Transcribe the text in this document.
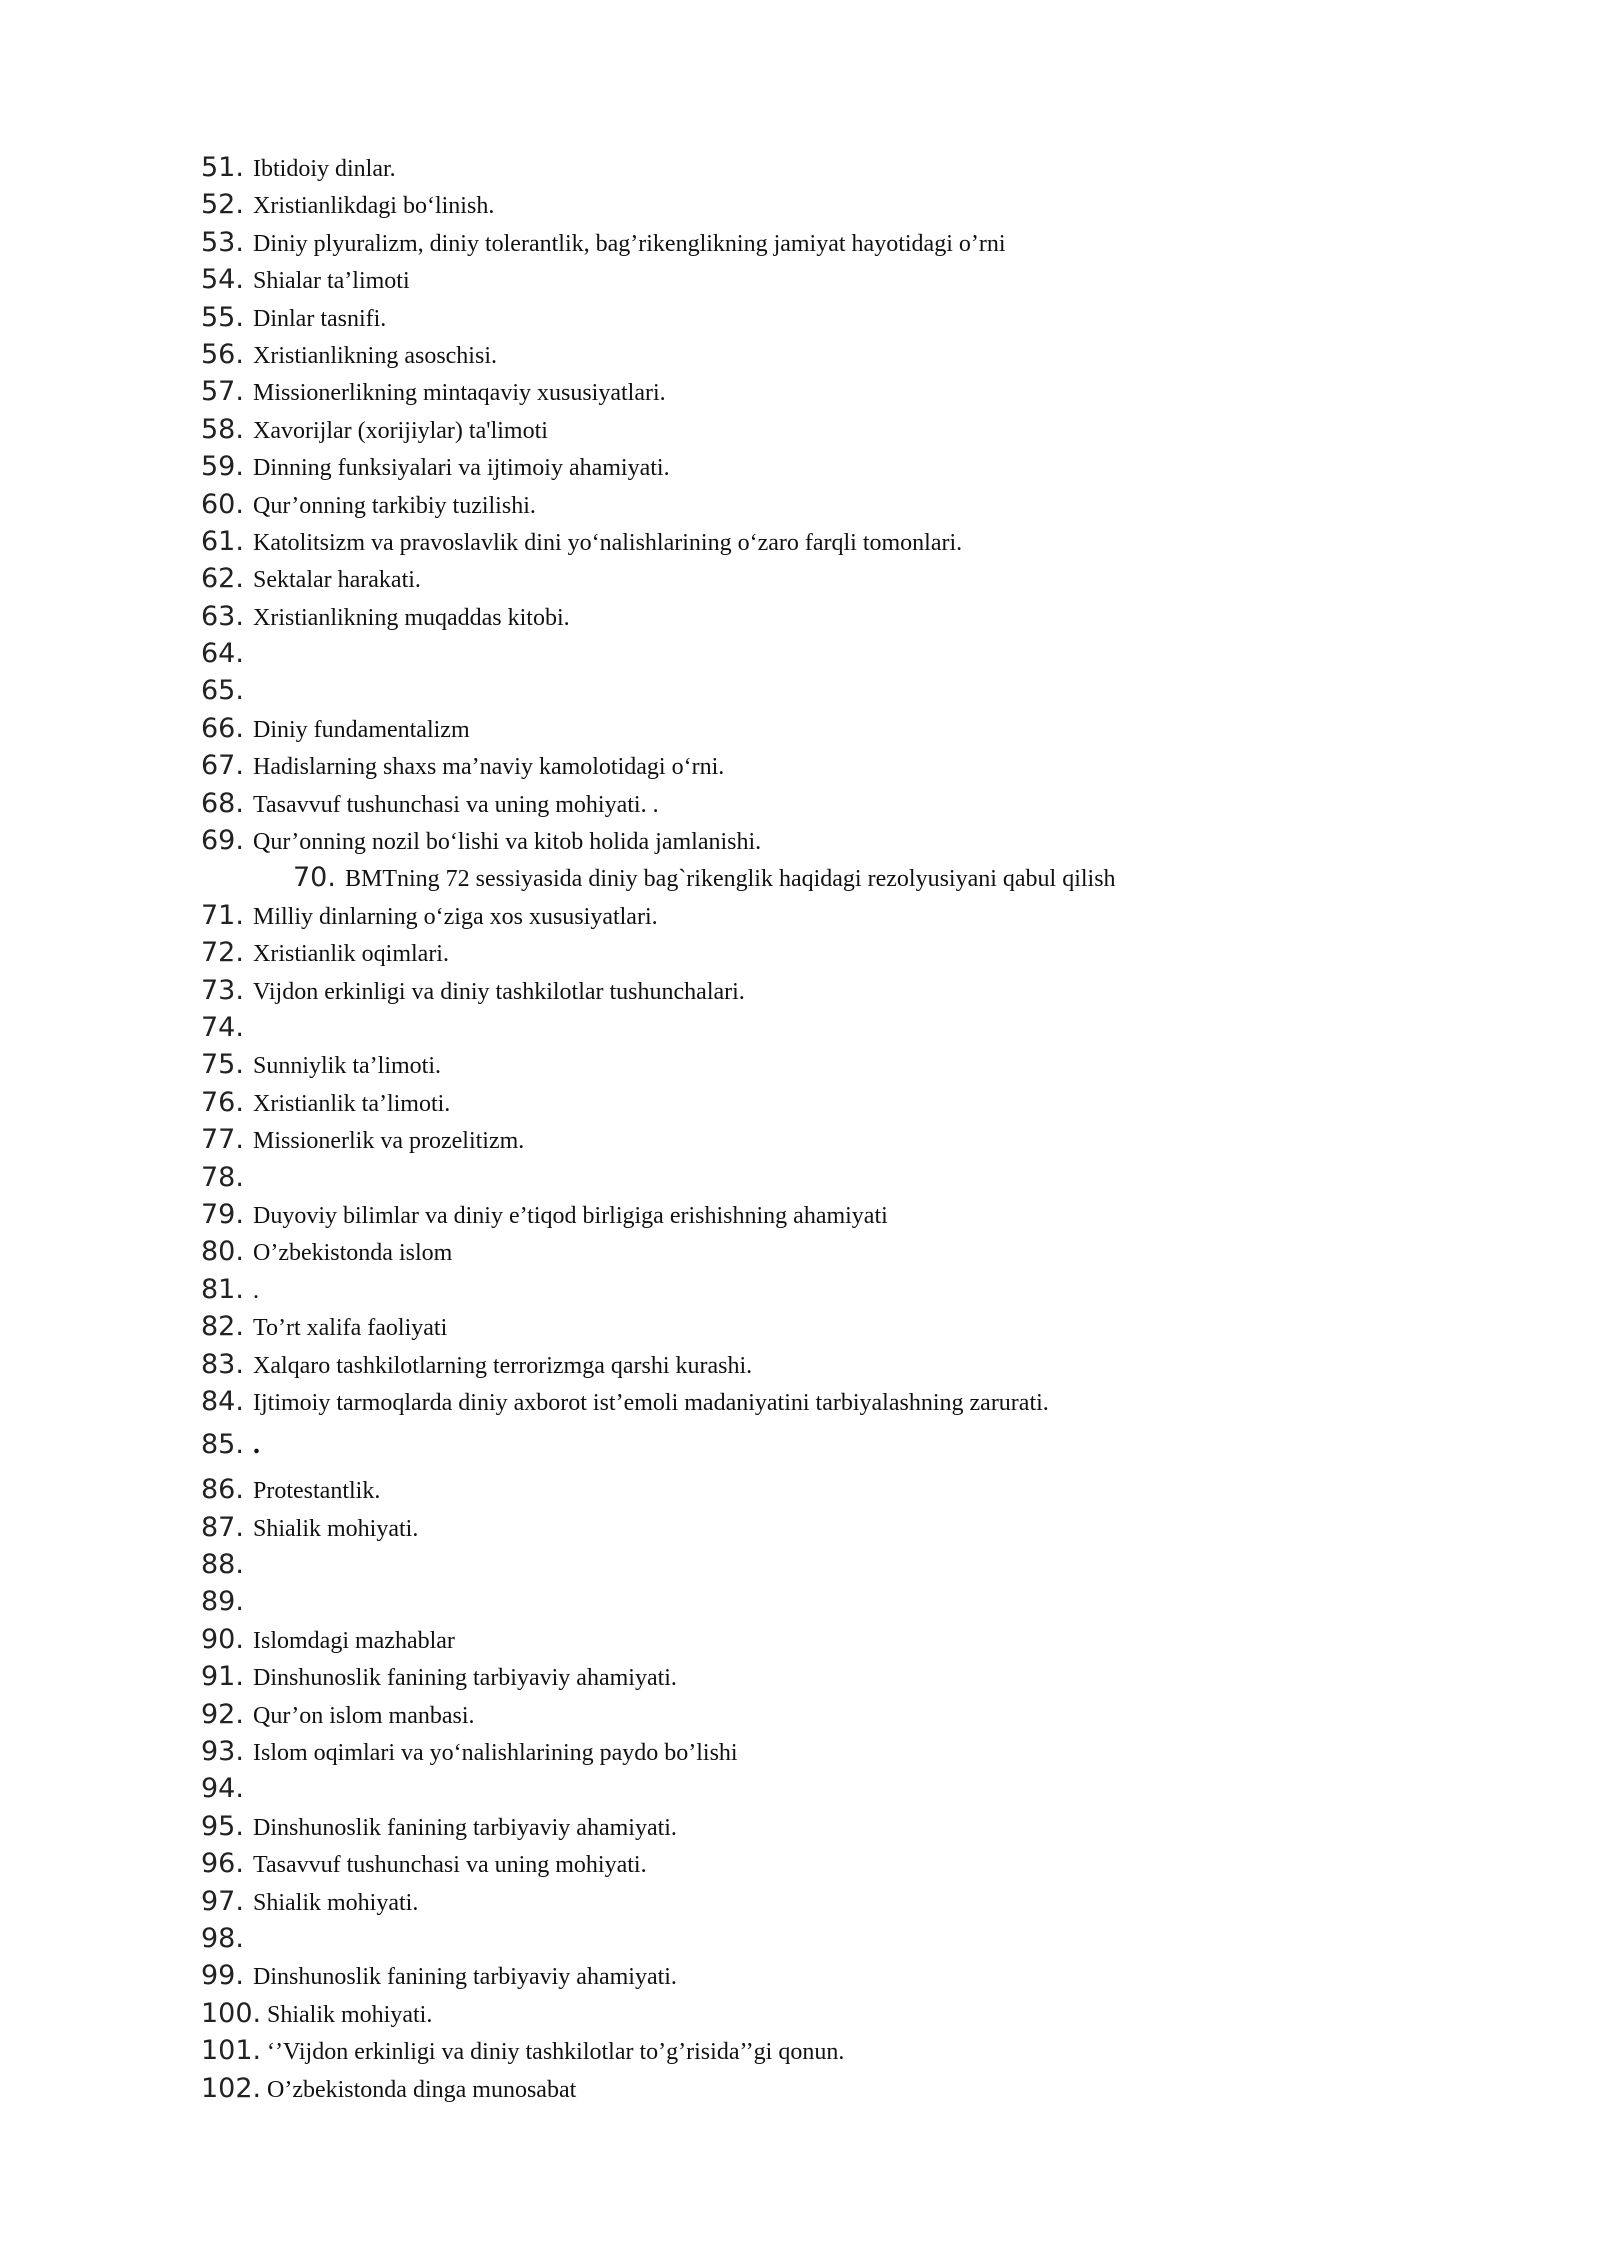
51. Ibtidoiy dinlar.
52. Xristianlikdagi bo‘linish.
53. Diniy plyuralizm, diniy tolerantlik, bag’rikenglikning jamiyat hayotidagi o’rni
54. Shialar ta’limoti
55. Dinlar tasnifi.
56. Xristianlikning asoschisi.
57. Missionerlikning mintaqaviy xususiyatlari.
58. Xavorijlar (xorijiylar) ta'limoti
59. Dinning funksiyalari va ijtimoiy ahamiyati.
60. Qur’onning tarkibiy tuzilishi.
61. Katolitsizm va pravoslavlik dini yo‘nalishlarining o‘zaro farqli tomonlari.
62. Sektalar harakati.
63. Xristianlikning muqaddas kitobi.
64.
65.
66. Diniy fundamentalizm
67. Hadislarning shaxs ma’naviy kamolotidagi o‘rni.
68. Tasavvuf tushunchasi va uning mohiyati. .
69. Qur’onning nozil bo‘lishi va kitob holida jamlanishi.
70. BMTning 72 sessiyasida diniy bag`rikenglik haqidagi rezolyusiyani qabul qilish
71. Milliy dinlarning o‘ziga xos xususiyatlari.
72. Xristianlik oqimlari.
73. Vijdon erkinligi va diniy tashkilotlar tushunchalari.
74.
75. Sunniylik ta’limoti.
76. Xristianlik ta’limoti.
77. Missionerlik va prozelitizm.
78.
79. Duyoviy bilimlar va diniy e’tiqod birligiga erishishning ahamiyati
80. O’zbekistonda islom
81. .
82. To’rt xalifa faoliyati
83. Xalqaro tashkilotlarning terrorizmga qarshi kurashi.
84. Ijtimoiy tarmoqlarda diniy axborot ist’emoli madaniyatini tarbiyalashning zarurati.
85. .
86. Protestantlik.
87. Shialik mohiyati.
88.
89.
90. Islomdagi mazhablar
91. Dinshunoslik fanining tarbiyaviy ahamiyati.
92. Qur’on islom manbasi.
93. Islom oqimlari va yo‘nalishlarining paydo bo’lishi
94.
95. Dinshunoslik fanining tarbiyaviy ahamiyati.
96. Tasavvuf tushunchasi va uning mohiyati.
97. Shialik mohiyati.
98.
99. Dinshunoslik fanining tarbiyaviy ahamiyati.
100. Shialik mohiyati.
101. ‘’Vijdon erkinligi va diniy tashkilotlar to’g’risida’’gi qonun.
102. O’zbekistonda dinga munosabat
